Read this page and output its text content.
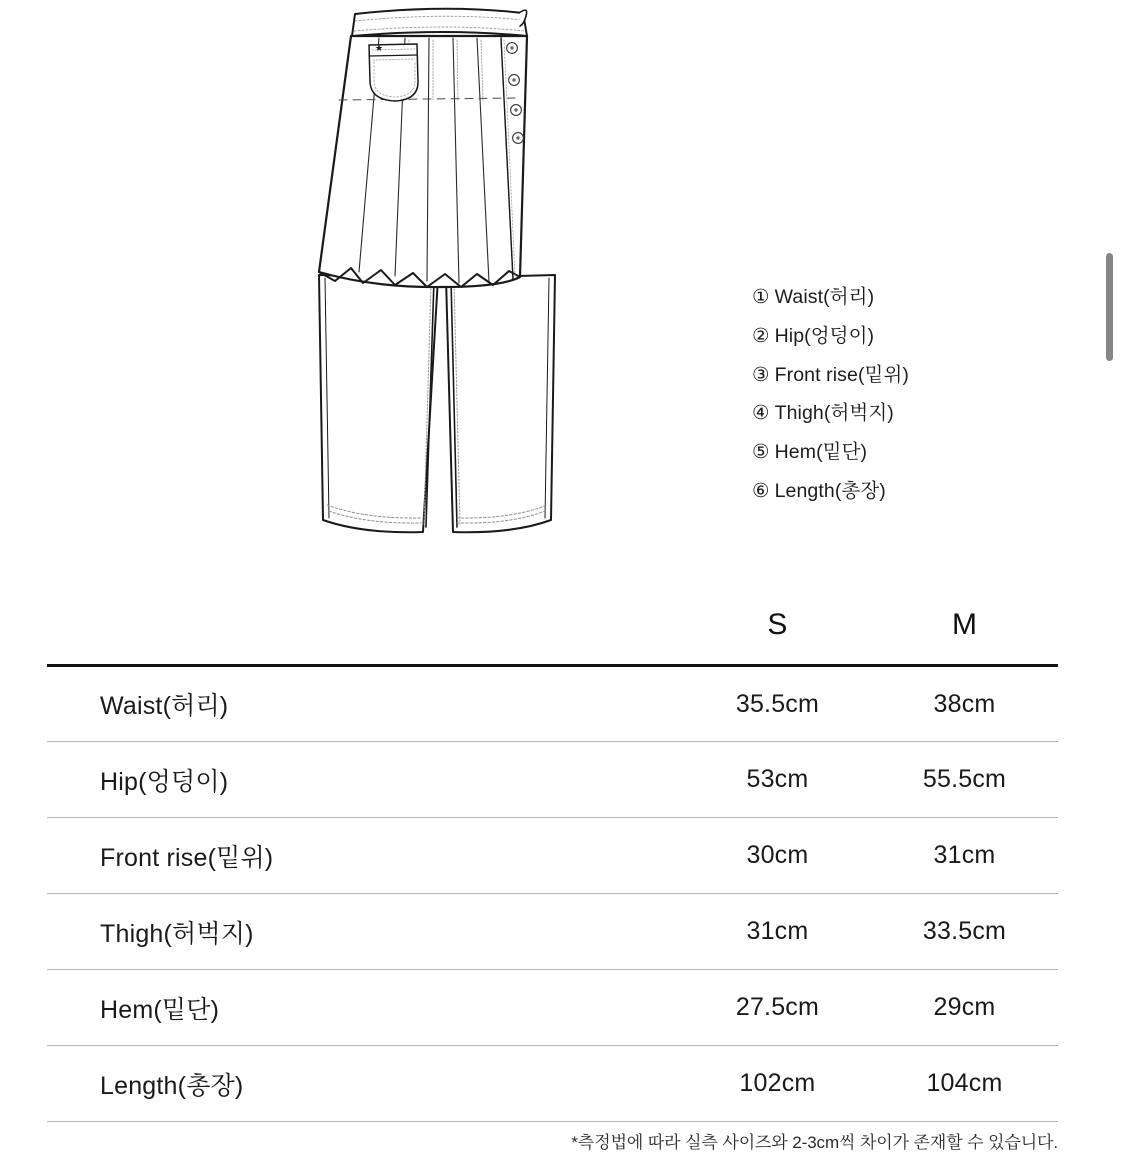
① Waist(허리)
② Hip(엉덩이)
③ Front rise(밑위)
④ Thigh(허벅지)
⑤ Hem(밑단)
⑥ Length(총장)
	S	M
Waist(허리)	35.5cm	38cm
Hip(엉덩이)	53cm	55.5cm
Front rise(밑위)	30cm	31cm
Thigh(허벅지)	31cm	33.5cm
Hem(밑단)	27.5cm	29cm
Length(총장)	102cm	104cm
*측정법에 따라 실측 사이즈와 2-3cm씩 차이가 존재할 수 있습니다.
